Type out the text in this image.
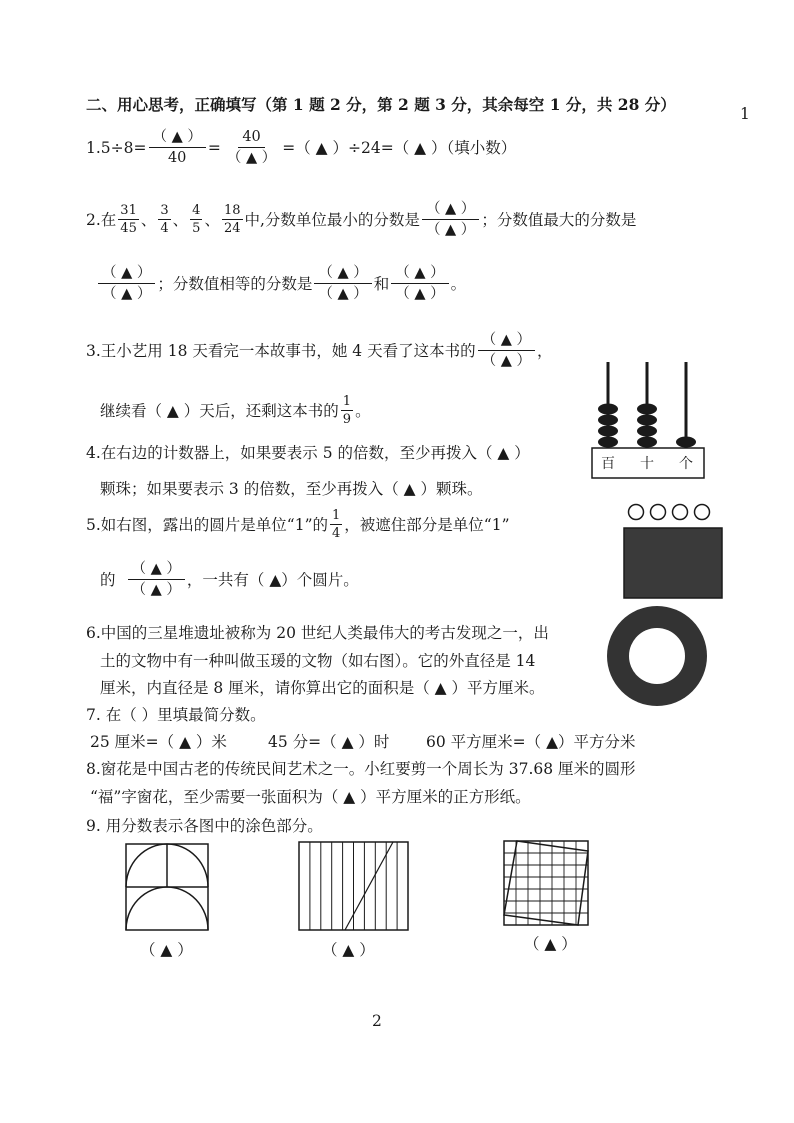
1
二、用心思考，正确填写（第 1 题 2 分，第 2 题 3 分，其余每空 1 分，共 28 分）
$1.5\div 8= \frac{( ▲ )}{40} = \frac{40}{( ▲ )}$ =（ ▲ ）÷24=（ ▲ ）（填小数）
2.在 $\frac{31}{45}$ 、 $\frac{3}{4}$ 、 $\frac{4}{5}$ 、 $\frac{18}{24}$ 中,分数单位最小的分数是 $\frac{( ▲ )}{( ▲ )}$ ；分数值最大的分数是
$\frac{( ▲ )}{( ▲ )}$ ；分数值相等的分数是 $\frac{( ▲ )}{( ▲ )}$ 和 $\frac{( ▲ )}{( ▲ )}$ 。
3.王小艺用 18 天看完一本故事书，她 4 天看了这本书的 $\frac{( ▲ )}{( ▲ )}$ ，
继续看（ ▲ ）天后，还剩这本书的 $\frac{1}{9}$ 。
4.在右边的计数器上，如果要表示 5 的倍数，至少再拨入（ ▲ ）
颗珠；如果要表示 3 的倍数，至少再拨入（ ▲ ）颗珠。
百 十 个
5.如右图，露出的圆片是单位“1”的 $\frac{1}{4}$ ，被遮住部分是单位“1”
的 $\frac{( ▲ )}{( ▲ )}$ ，一共有（ ▲）个圆片。
6.中国的三星堆遗址被称为 20 世纪人类最伟大的考古发现之一，出
土的文物中有一种叫做玉瑗的文物（如右图）。它的外直径是 14
厘米，内直径是 8 厘米，请你算出它的面积是（ ▲ ）平方厘米。
7. 在（ ）里填最简分数。
25 厘米=（ ▲ ）米	45 分=（ ▲ ）时 60 平方厘米=（ ▲）平方分米
8.窗花是中国古老的传统民间艺术之一。小红要剪一个周长为 37.68 厘米的圆形
“福”字窗花，至少需要一张面积为（ ▲ ）平方厘米的正方形纸。
9. 用分数表示各图中的涂色部分。
（ ▲ ）	（ ▲ ）	（ ▲ ）
2
